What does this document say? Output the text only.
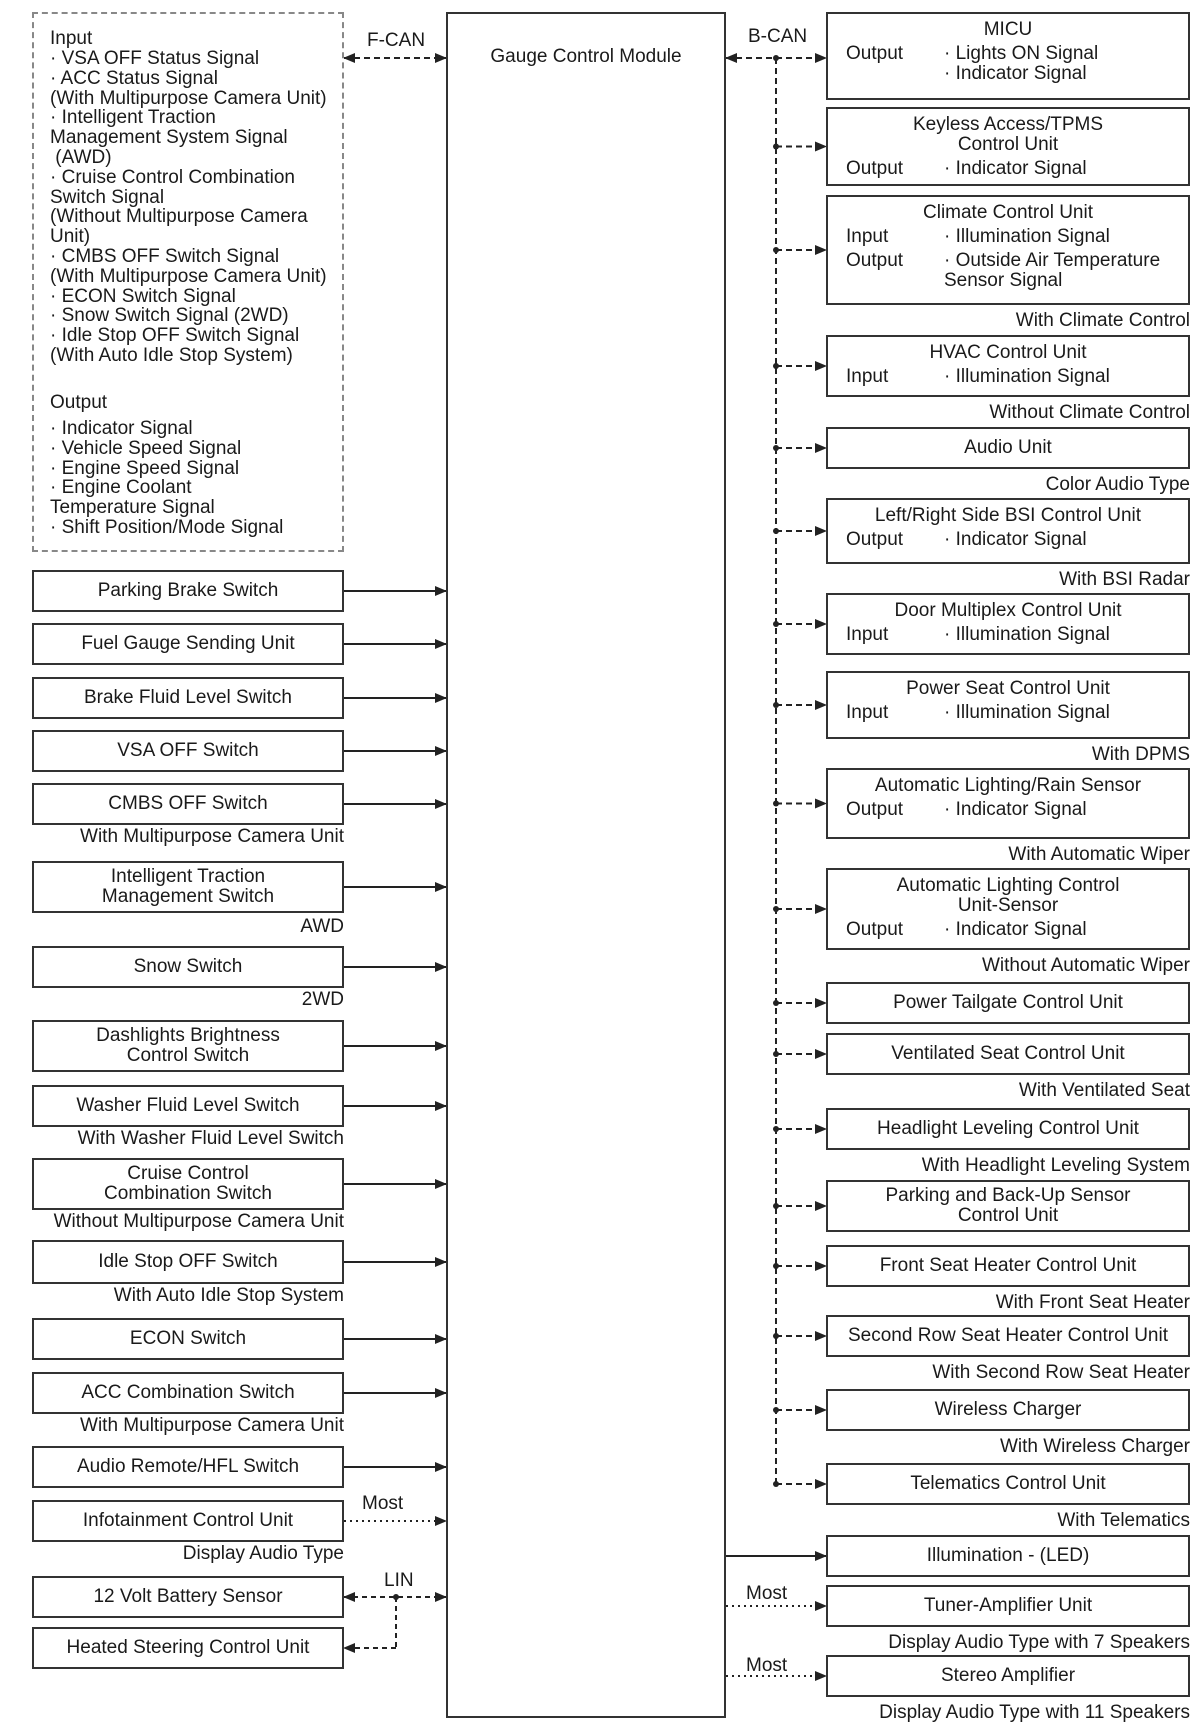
Gauge Control Module
Input
· VSA OFF Status Signal
· ACC Status Signal
(With Multipurpose Camera Unit)
· Intelligent Traction
Management System Signal
(AWD)
· Cruise Control Combination
Switch Signal
(Without Multipurpose Camera
Unit)
· CMBS OFF Switch Signal
(With Multipurpose Camera Unit)
· ECON Switch Signal
· Snow Switch Signal (2WD)
· Idle Stop OFF Switch Signal
(With Auto Idle Stop System)
Output
· Indicator Signal
· Vehicle Speed Signal
· Engine Speed Signal
· Engine Coolant
Temperature Signal
· Shift Position/Mode Signal
F-CAN	B-CAN
Most
LIN
Most
Most
Parking Brake Switch
Fuel Gauge Sending Unit
Brake Fluid Level Switch
VSA OFF Switch
CMBS OFF Switch
With Multipurpose Camera Unit
Intelligent Traction
Management Switch
AWD
Snow Switch
2WD
Dashlights Brightness
Control Switch
Washer Fluid Level Switch
With Washer Fluid Level Switch
Cruise Control
Combination Switch
Without Multipurpose Camera Unit
Idle Stop OFF Switch
With Auto Idle Stop System
ECON Switch
ACC Combination Switch
With Multipurpose Camera Unit
Audio Remote/HFL Switch
Infotainment Control Unit
Display Audio Type
12 Volt Battery Sensor
Heated Steering Control Unit
MICU
Output · Lights ON Signal
· Indicator Signal
Keyless Access/TPMS
Control Unit
Output · Indicator Signal
Climate Control Unit
Input	· Illumination Signal
Output · Outside Air Temperature
Sensor Signal
With Climate Control
HVAC Control Unit
Input	· Illumination Signal
Without Climate Control
Audio Unit
Color Audio Type
Left/Right Side BSI Control Unit
Output · Indicator Signal
With BSI Radar
Door Multiplex Control Unit
Input	· Illumination Signal
Power Seat Control Unit
Input	· Illumination Signal
With DPMS
Automatic Lighting/Rain Sensor
Output · Indicator Signal
With Automatic Wiper
Automatic Lighting Control
Unit-Sensor
Output · Indicator Signal
Without Automatic Wiper
Power Tailgate Control Unit
Ventilated Seat Control Unit
With Ventilated Seat
Headlight Leveling Control Unit
With Headlight Leveling System
Parking and Back-Up Sensor
Control Unit
Front Seat Heater Control Unit
With Front Seat Heater
Second Row Seat Heater Control Unit
With Second Row Seat Heater
Wireless Charger
With Wireless Charger
Telematics Control Unit
With Telematics
Illumination - (LED)
Tuner-Amplifier Unit
Display Audio Type with 7 Speakers
Stereo Amplifier
Display Audio Type with 11 Speakers
